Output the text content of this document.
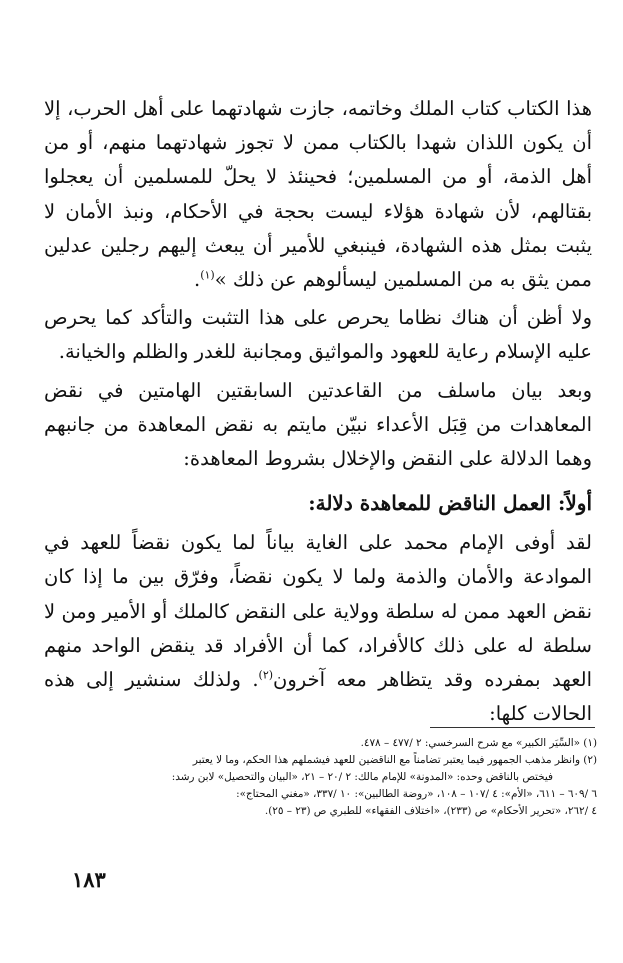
هذا الكتاب كتاب الملك وخاتمه، جازت شهادتهما على أهل الحرب، إلا أن يكون اللذان شهدا بالكتاب ممن لا تجوز شهادتهما منهم، أو من أهل الذمة، أو من المسلمين؛ فحينئذ لا يحلّ للمسلمين أن يعجلوا بقتالهم، لأن شهادة هؤلاء ليست بحجة في الأحكام، ونبذ الأمان لا يثبت بمثل هذه الشهادة، فينبغي للأمير أن يبعث إليهم رجلين عدلين ممن يثق به من المسلمين ليسألوهم عن ذلك »$^{(١)}$.

ولا أظن أن هناك نظاما يحرص على هذا التثبت والتأكد كما يحرص عليه الإسلام رعاية للعهود والمواثيق ومجانبة للغدر والظلم والخيانة.

وبعد بيان ماسلف من القاعدتين السابقتين الهامتين في نقض المعاهدات من قِبَل الأعداء نبيّن مايتم به نقض المعاهدة من جانبهم وهما الدلالة على النقض والإخلال بشروط المعاهدة:

أولاً: العمل الناقض للمعاهدة دلالة:

لقد أوفى الإمام محمد على الغاية بياناً لما يكون نقضاً للعهد في الموادعة والأمان والذمة ولما لا يكون نقضاً، وفرّق بين ما إذا كان نقض العهد ممن له سلطة وولاية على النقض كالملك أو الأمير ومن لا سلطة له على ذلك كالأفراد، كما أن الأفراد قد ينقض الواحد منهم العهد بمفرده وقد يتظاهر معه آخرون$^{(٢)}$. ولذلك سنشير إلى هذه الحالات كلها:

(١) «السِّيَر الكبير» مع شرح السرخسي: ٢ /٤٧٧ – ٤٧٨.

(٢) وانظر مذهب الجمهور فيما يعتبر تضامناً مع الناقضين للعهد فيشملهم هذا الحكم، وما لا يعتبر

فيختص بالناقض وحده: «المدونة» للإمام مالك: ٢ /٢٠ – ٢١، «البيان والتحصيل» لابن رشد:

٦ /٦٠٩ – ٦١١، «الأم»: ٤ /١٠٧ – ١٠٨، «روضة الطالبين»: ١٠ /٣٣٧، «مغني المحتاج»:

٤ /٢٦٢، «تحرير الأحكام» ص (٢٣٣)، «اختلاف الفقهاء» للطبري ص (٢٣ – ٢٥).

١٨٣
